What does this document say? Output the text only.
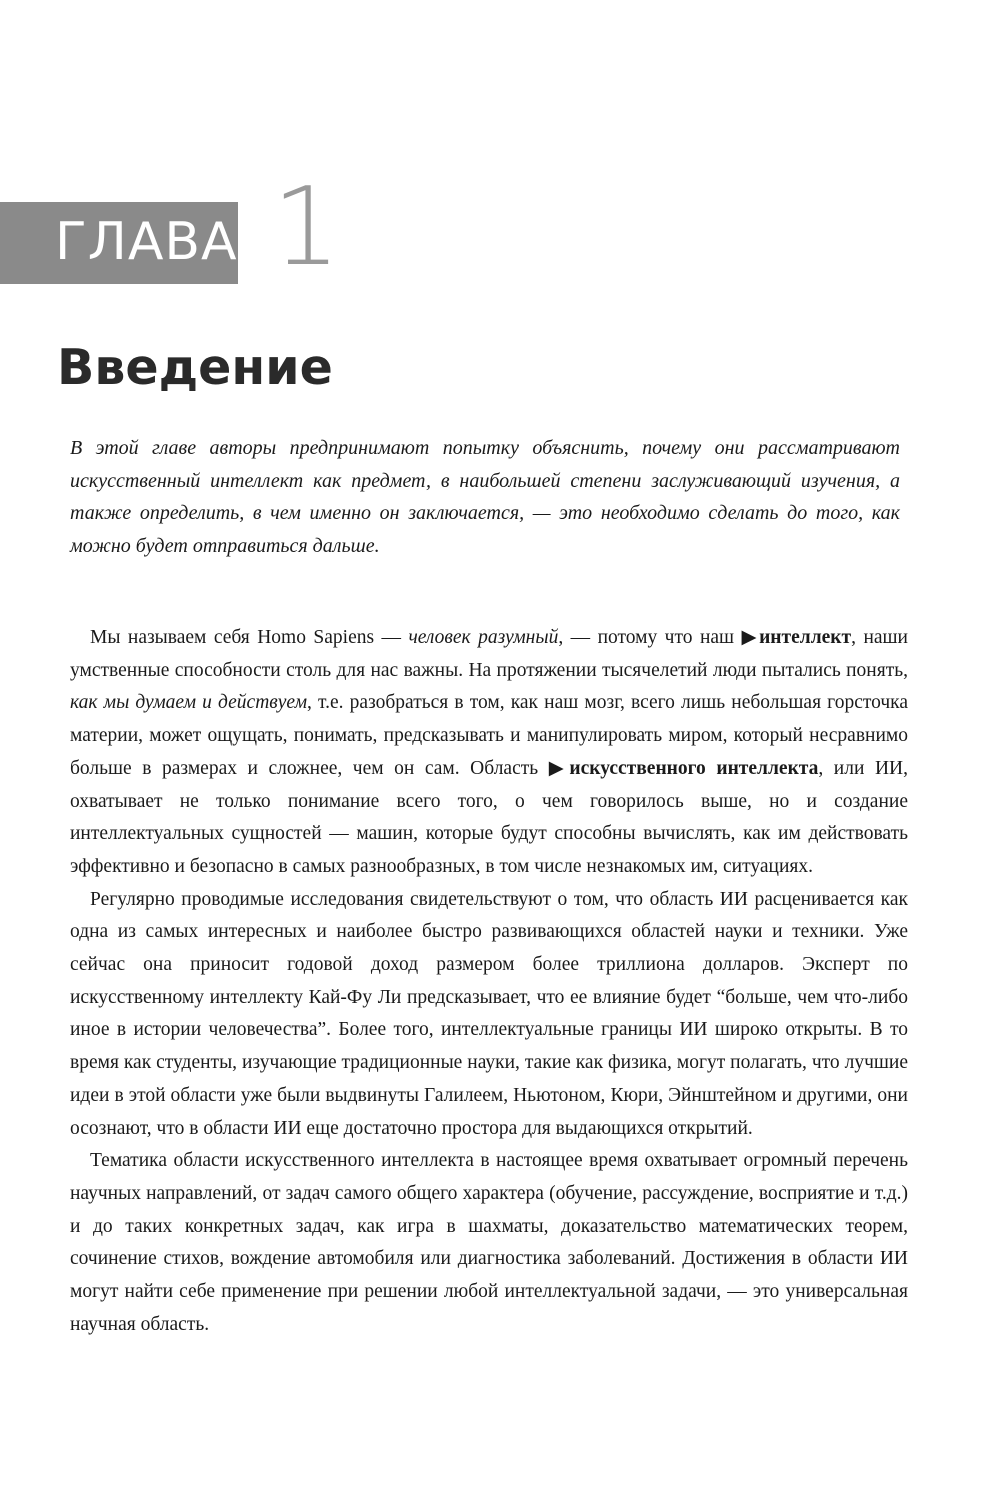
ГЛАВА 1
Введение

В этой главе авторы предпринимают попытку объяснить, почему они рассматривают искусственный интеллект как предмет, в наибольшей степени заслуживающий изучения, а также определить, в чем именно он заключается, — это необходимо сделать до того, как можно будет отправиться дальше.

Мы называем себя Homo Sapiens — человек разумный, — потому что наш ▶интеллект, наши умственные способности столь для нас важны. На протяжении тысячелетий люди пытались понять, как мы думаем и действуем, т.е. разобраться в том, как наш мозг, всего лишь небольшая горсточка материи, может ощущать, понимать, предсказывать и манипулировать миром, который несравнимо больше в размерах и сложнее, чем он сам. Область ▶искусственного интеллекта, или ИИ, охватывает не только понимание всего того, о чем говорилось выше, но и создание интеллектуальных сущностей — машин, которые будут способны вычислять, как им действовать эффективно и безопасно в самых разнообразных, в том числе незнакомых им, ситуациях.

Регулярно проводимые исследования свидетельствуют о том, что область ИИ расценивается как одна из самых интересных и наиболее быстро развивающихся областей науки и техники. Уже сейчас она приносит годовой доход размером более триллиона долларов. Эксперт по искусственному интеллекту Кай-Фу Ли предсказывает, что ее влияние будет “больше, чем что-либо иное в истории человечества”. Более того, интеллектуальные границы ИИ широко открыты. В то время как студенты, изучающие традиционные науки, такие как физика, могут полагать, что лучшие идеи в этой области уже были выдвинуты Галилеем, Ньютоном, Кюри, Эйнштейном и другими, они осознают, что в области ИИ еще достаточно простора для выдающихся открытий.

Тематика области искусственного интеллекта в настоящее время охватывает огромный перечень научных направлений, от задач самого общего характера (обучение, рассуждение, восприятие и т.д.) и до таких конкретных задач, как игра в шахматы, доказательство математических теорем, сочинение стихов, вождение автомобиля или диагностика заболеваний. Достижения в области ИИ могут найти себе применение при решении любой интеллектуальной задачи, — это универсальная научная область.
